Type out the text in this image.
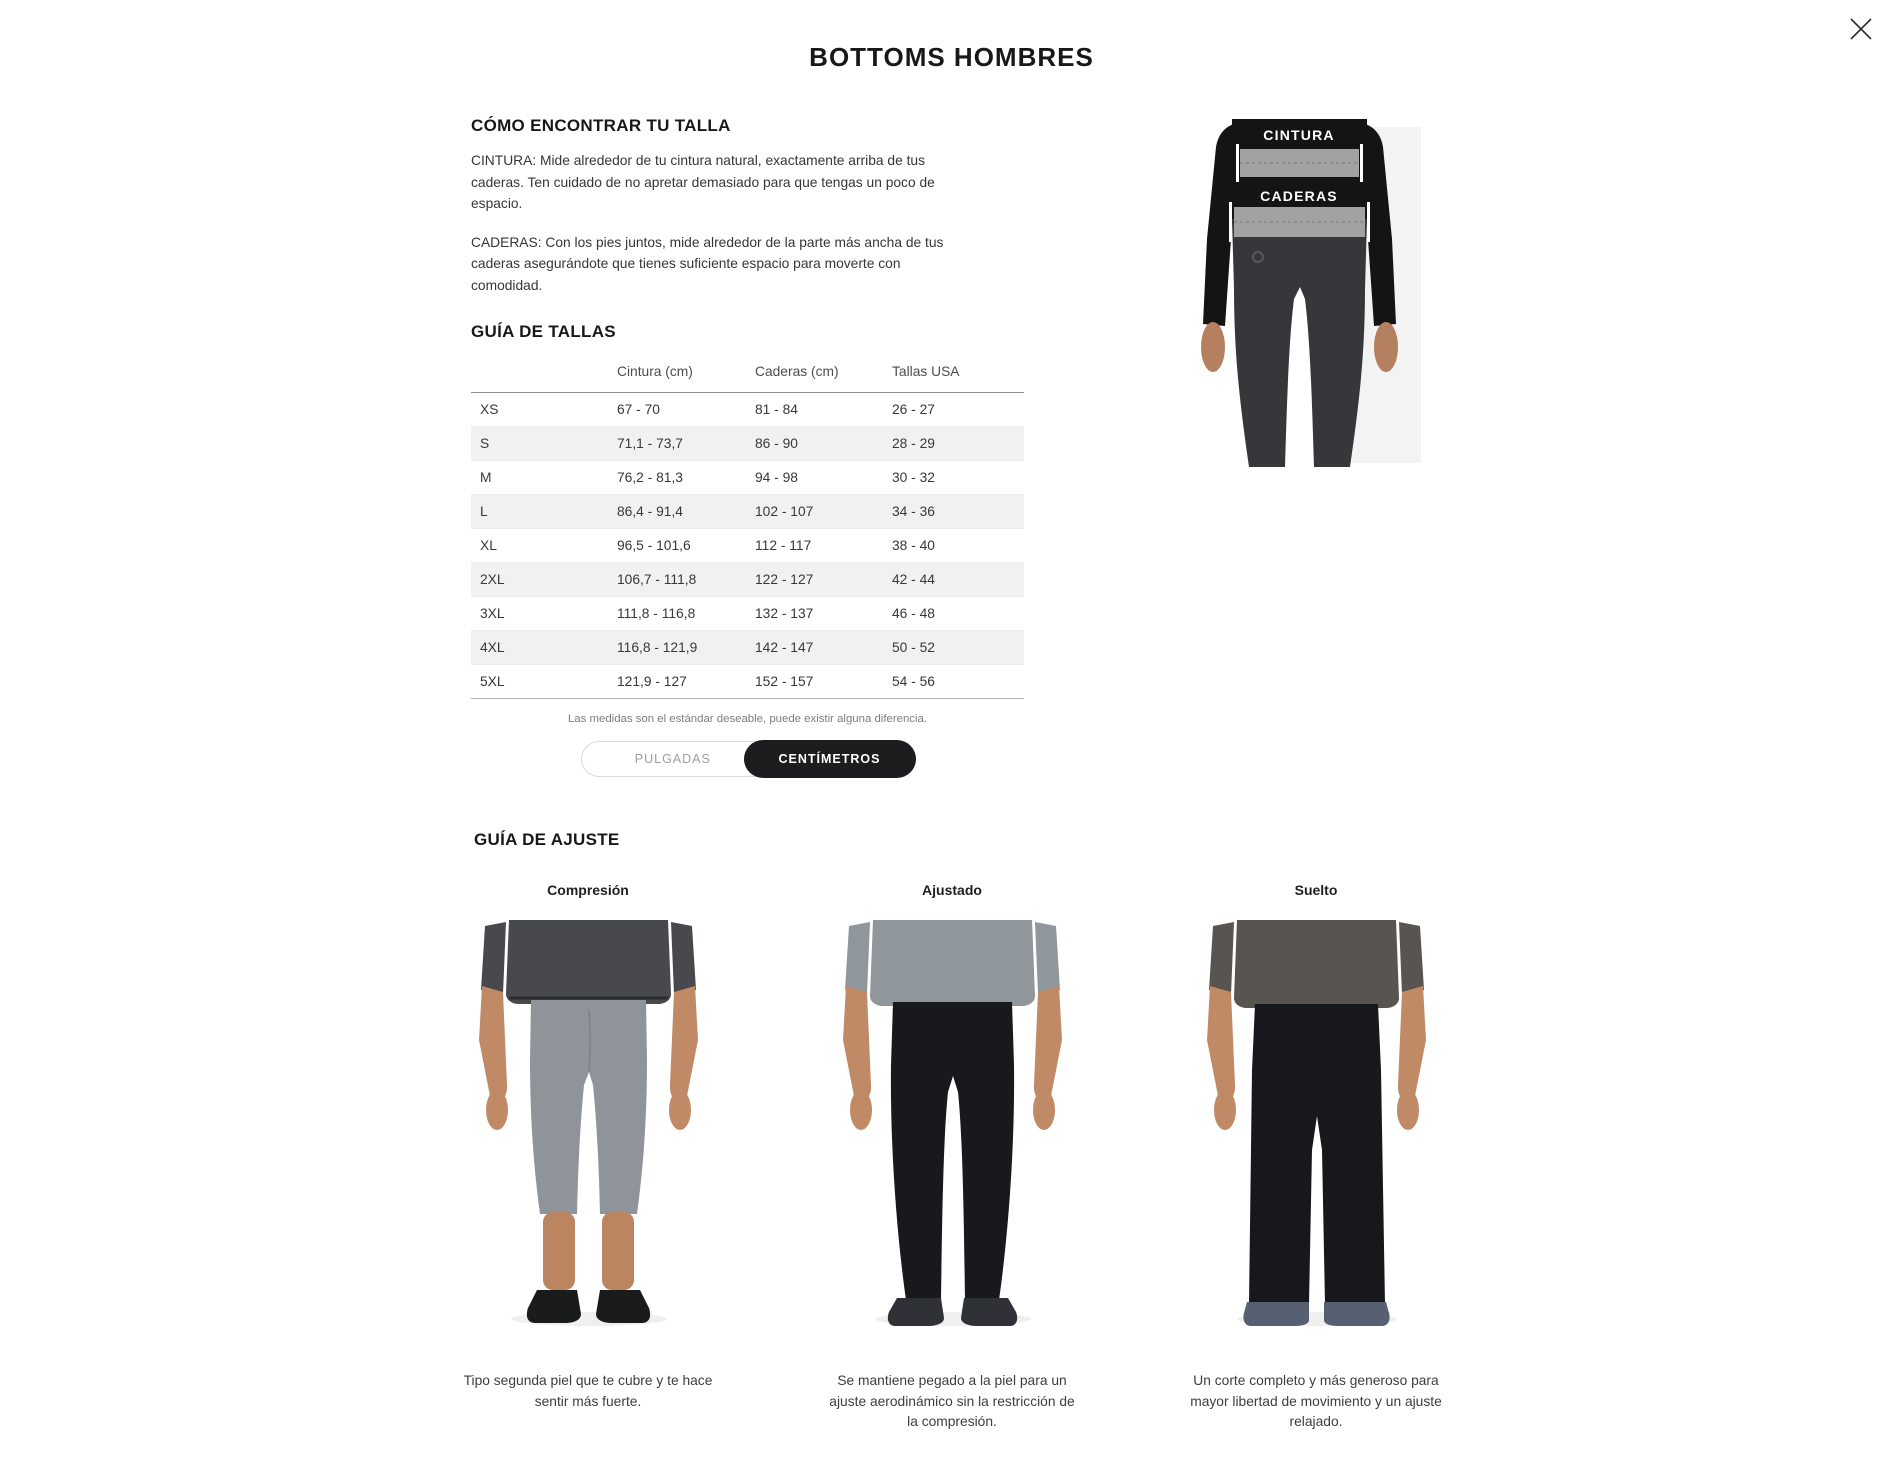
BOTTOMS HOMBRES
CÓMO ENCONTRAR TU TALLA

CINTURA: Mide alrededor de tu cintura natural, exactamente arriba de tus caderas. Ten cuidado de no apretar demasiado para que tengas un poco de espacio.

CADERAS: Con los pies juntos, mide alrededor de la parte más ancha de tus caderas asegurándote que tienes suficiente espacio para moverte con comodidad.

CINTURA
CADERAS
GUÍA DE TALLAS
	Cintura (cm)	Caderas (cm)	Tallas USA
XS	67 - 70	81 - 84	26 - 27
S	71,1 - 73,7	86 - 90	28 - 29
M	76,2 - 81,3	94 - 98	30 - 32
L	86,4 - 91,4	102 - 107	34 - 36
XL	96,5 - 101,6	112 - 117	38 - 40
2XL	106,7 - 111,8	122 - 127	42 - 44
3XL	111,8 - 116,8	132 - 137	46 - 48
4XL	116,8 - 121,9	142 - 147	50 - 52
5XL	121,9 - 127	152 - 157	54 - 56

Las medidas son el estándar deseable, puede existir alguna diferencia.

PULGADAS	CENTÍMETROS
GUÍA DE AJUSTE
Compresión

Tipo segunda piel que te cubre y te hace sentir más fuerte.

Ajustado

Se mantiene pegado a la piel para un ajuste aerodinámico sin la restricción de la compresión.

Suelto

Un corte completo y más generoso para mayor libertad de movimiento y un ajuste relajado.
